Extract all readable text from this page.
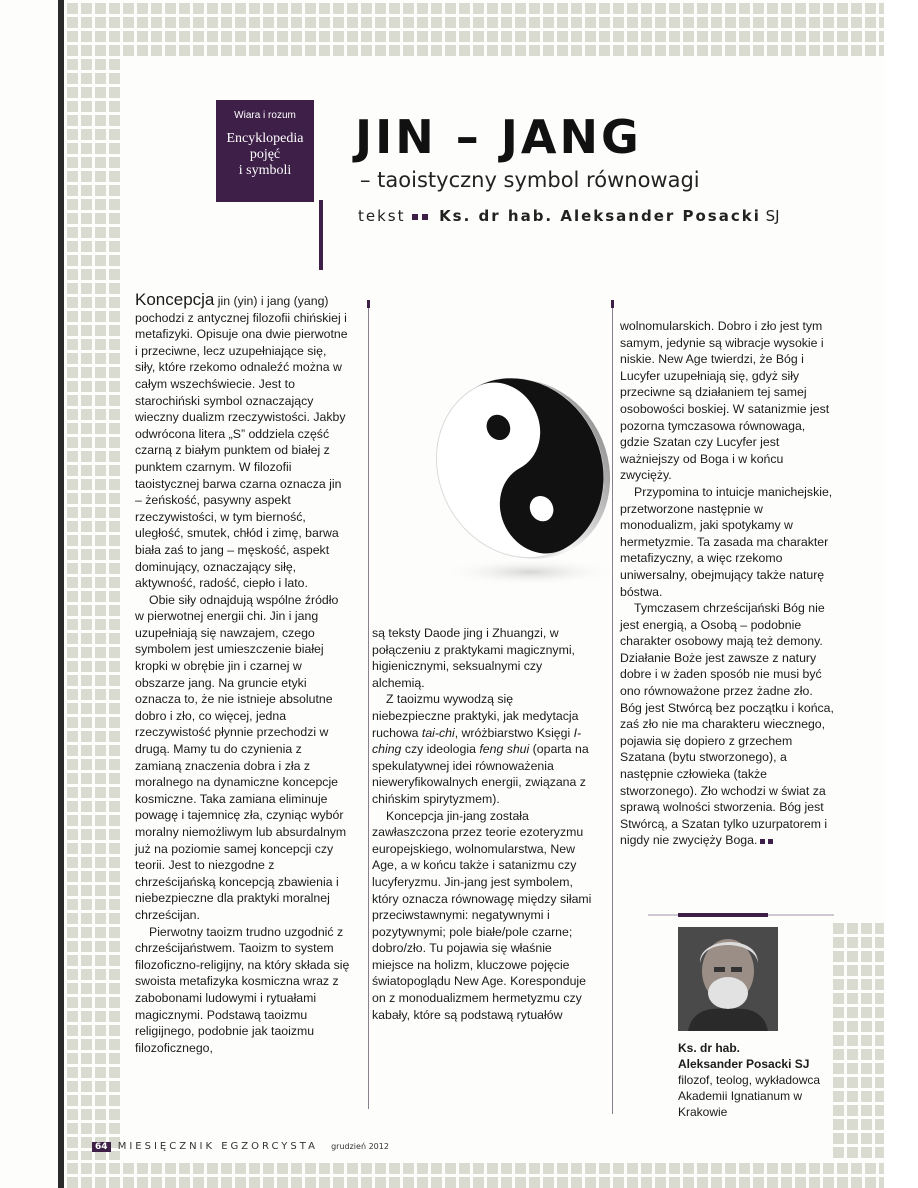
Wiara i rozum
Encyklopedia
pojęć
i symboli
JIN – JANG
– taoistyczny symbol równowagi
tekst Ks. dr hab. Aleksander Posacki SJ

Koncepcja jin (yin) i jang (yang) pochodzi z antycznej filozofii chińskiej i metafizyki. Opisuje ona dwie pierwotne i przeciwne, lecz uzupełniające się, siły, które rzekomo odnaleźć można w całym wszechświecie. Jest to starochiński symbol oznaczający wieczny dualizm rzeczywistości. Jakby odwrócona litera „S” oddziela część czarną z białym punktem od białej z punktem czarnym. W filozofii taoistycznej barwa czarna oznacza jin – żeńskość, pasywny aspekt rzeczywistości, w tym bierność, uległość, smutek, chłód i zimę, barwa biała zaś to jang – męskość, aspekt dominujący, oznaczający siłę, aktywność, radość, ciepło i lato.

Obie siły odnajdują wspólne źródło w pierwotnej energii chi. Jin i jang uzupełniają się nawzajem, czego symbolem jest umieszczenie białej kropki w obrębie jin i czarnej w obszarze jang. Na gruncie etyki oznacza to, że nie istnieje absolutne dobro i zło, co więcej, jedna rzeczywistość płynnie przechodzi w drugą. Mamy tu do czynienia z zamianą znaczenia dobra i zła z moralnego na dynamiczne koncepcje kosmiczne. Taka zamiana eliminuje powagę i tajemnicę zła, czyniąc wybór moralny niemożliwym lub absurdalnym już na poziomie samej koncepcji czy teorii. Jest to niezgodne z chrześcijańską koncepcją zbawienia i niebezpieczne dla praktyki moralnej chrześcijan.

Pierwotny taoizm trudno uzgodnić z chrześcijaństwem. Taoizm to system filozoficzno-religijny, na który składa się swoista metafizyka kosmiczna wraz z zabobonami ludowymi i rytuałami magicznymi. Podstawą taoizmu religijnego, podobnie jak taoizmu filozoficznego,

są teksty Daode jing i Zhuangzi, w połączeniu z praktykami magicznymi, higienicznymi, seksualnymi czy alchemią.

Z taoizmu wywodzą się niebezpieczne praktyki, jak medytacja ruchowa tai-chi, wróżbiarstwo Księgi I-ching czy ideologia feng shui (oparta na spekulatywnej idei równoważenia nieweryfikowalnych energii, związana z chińskim spirytyzmem).

Koncepcja jin-jang została zawłaszczona przez teorie ezoteryzmu europejskiego, wolnomularstwa, New Age, a w końcu także i satanizmu czy lucyferyzmu. Jin-jang jest symbolem, który oznacza równowagę między siłami przeciwstawnymi: negatywnymi i pozytywnymi; pole białe/pole czarne; dobro/zło. Tu pojawia się właśnie miejsce na holizm, kluczowe pojęcie światopoglądu New Age. Koresponduje on z monodualizmem hermetyzmu czy kabały, które są podstawą rytuałów

wolnomularskich. Dobro i zło jest tym samym, jedynie są wibracje wysokie i niskie. New Age twierdzi, że Bóg i Lucyfer uzupełniają się, gdyż siły przeciwne są działaniem tej samej osobowości boskiej. W satanizmie jest pozorna tymczasowa równowaga, gdzie Szatan czy Lucyfer jest ważniejszy od Boga i w końcu zwycięży.

Przypomina to intuicje manichejskie, przetworzone następnie w monodualizm, jaki spotykamy w hermetyzmie. Ta zasada ma charakter metafizyczny, a więc rzekomo uniwersalny, obejmujący także naturę bóstwa.

Tymczasem chrześcijański Bóg nie jest energią, a Osobą – podobnie charakter osobowy mają też demony. Działanie Boże jest zawsze z natury dobre i w żaden sposób nie musi być ono równoważone przez żadne zło. Bóg jest Stwórcą bez początku i końca, zaś zło nie ma charakteru wiecznego, pojawia się dopiero z grzechem Szatana (bytu stworzonego), a następnie człowieka (także stworzonego). Zło wchodzi w świat za sprawą wolności stworzenia. Bóg jest Stwórcą, a Szatan tylko uzurpatorem i nigdy nie zwycięży Boga.

Ks. dr hab.
Aleksander Posacki SJ
filozof, teolog, wykładowca Akademii Ignatianum w Krakowie
64 MIESIĘCZNIK EGZORCYSTA grudzień 2012
